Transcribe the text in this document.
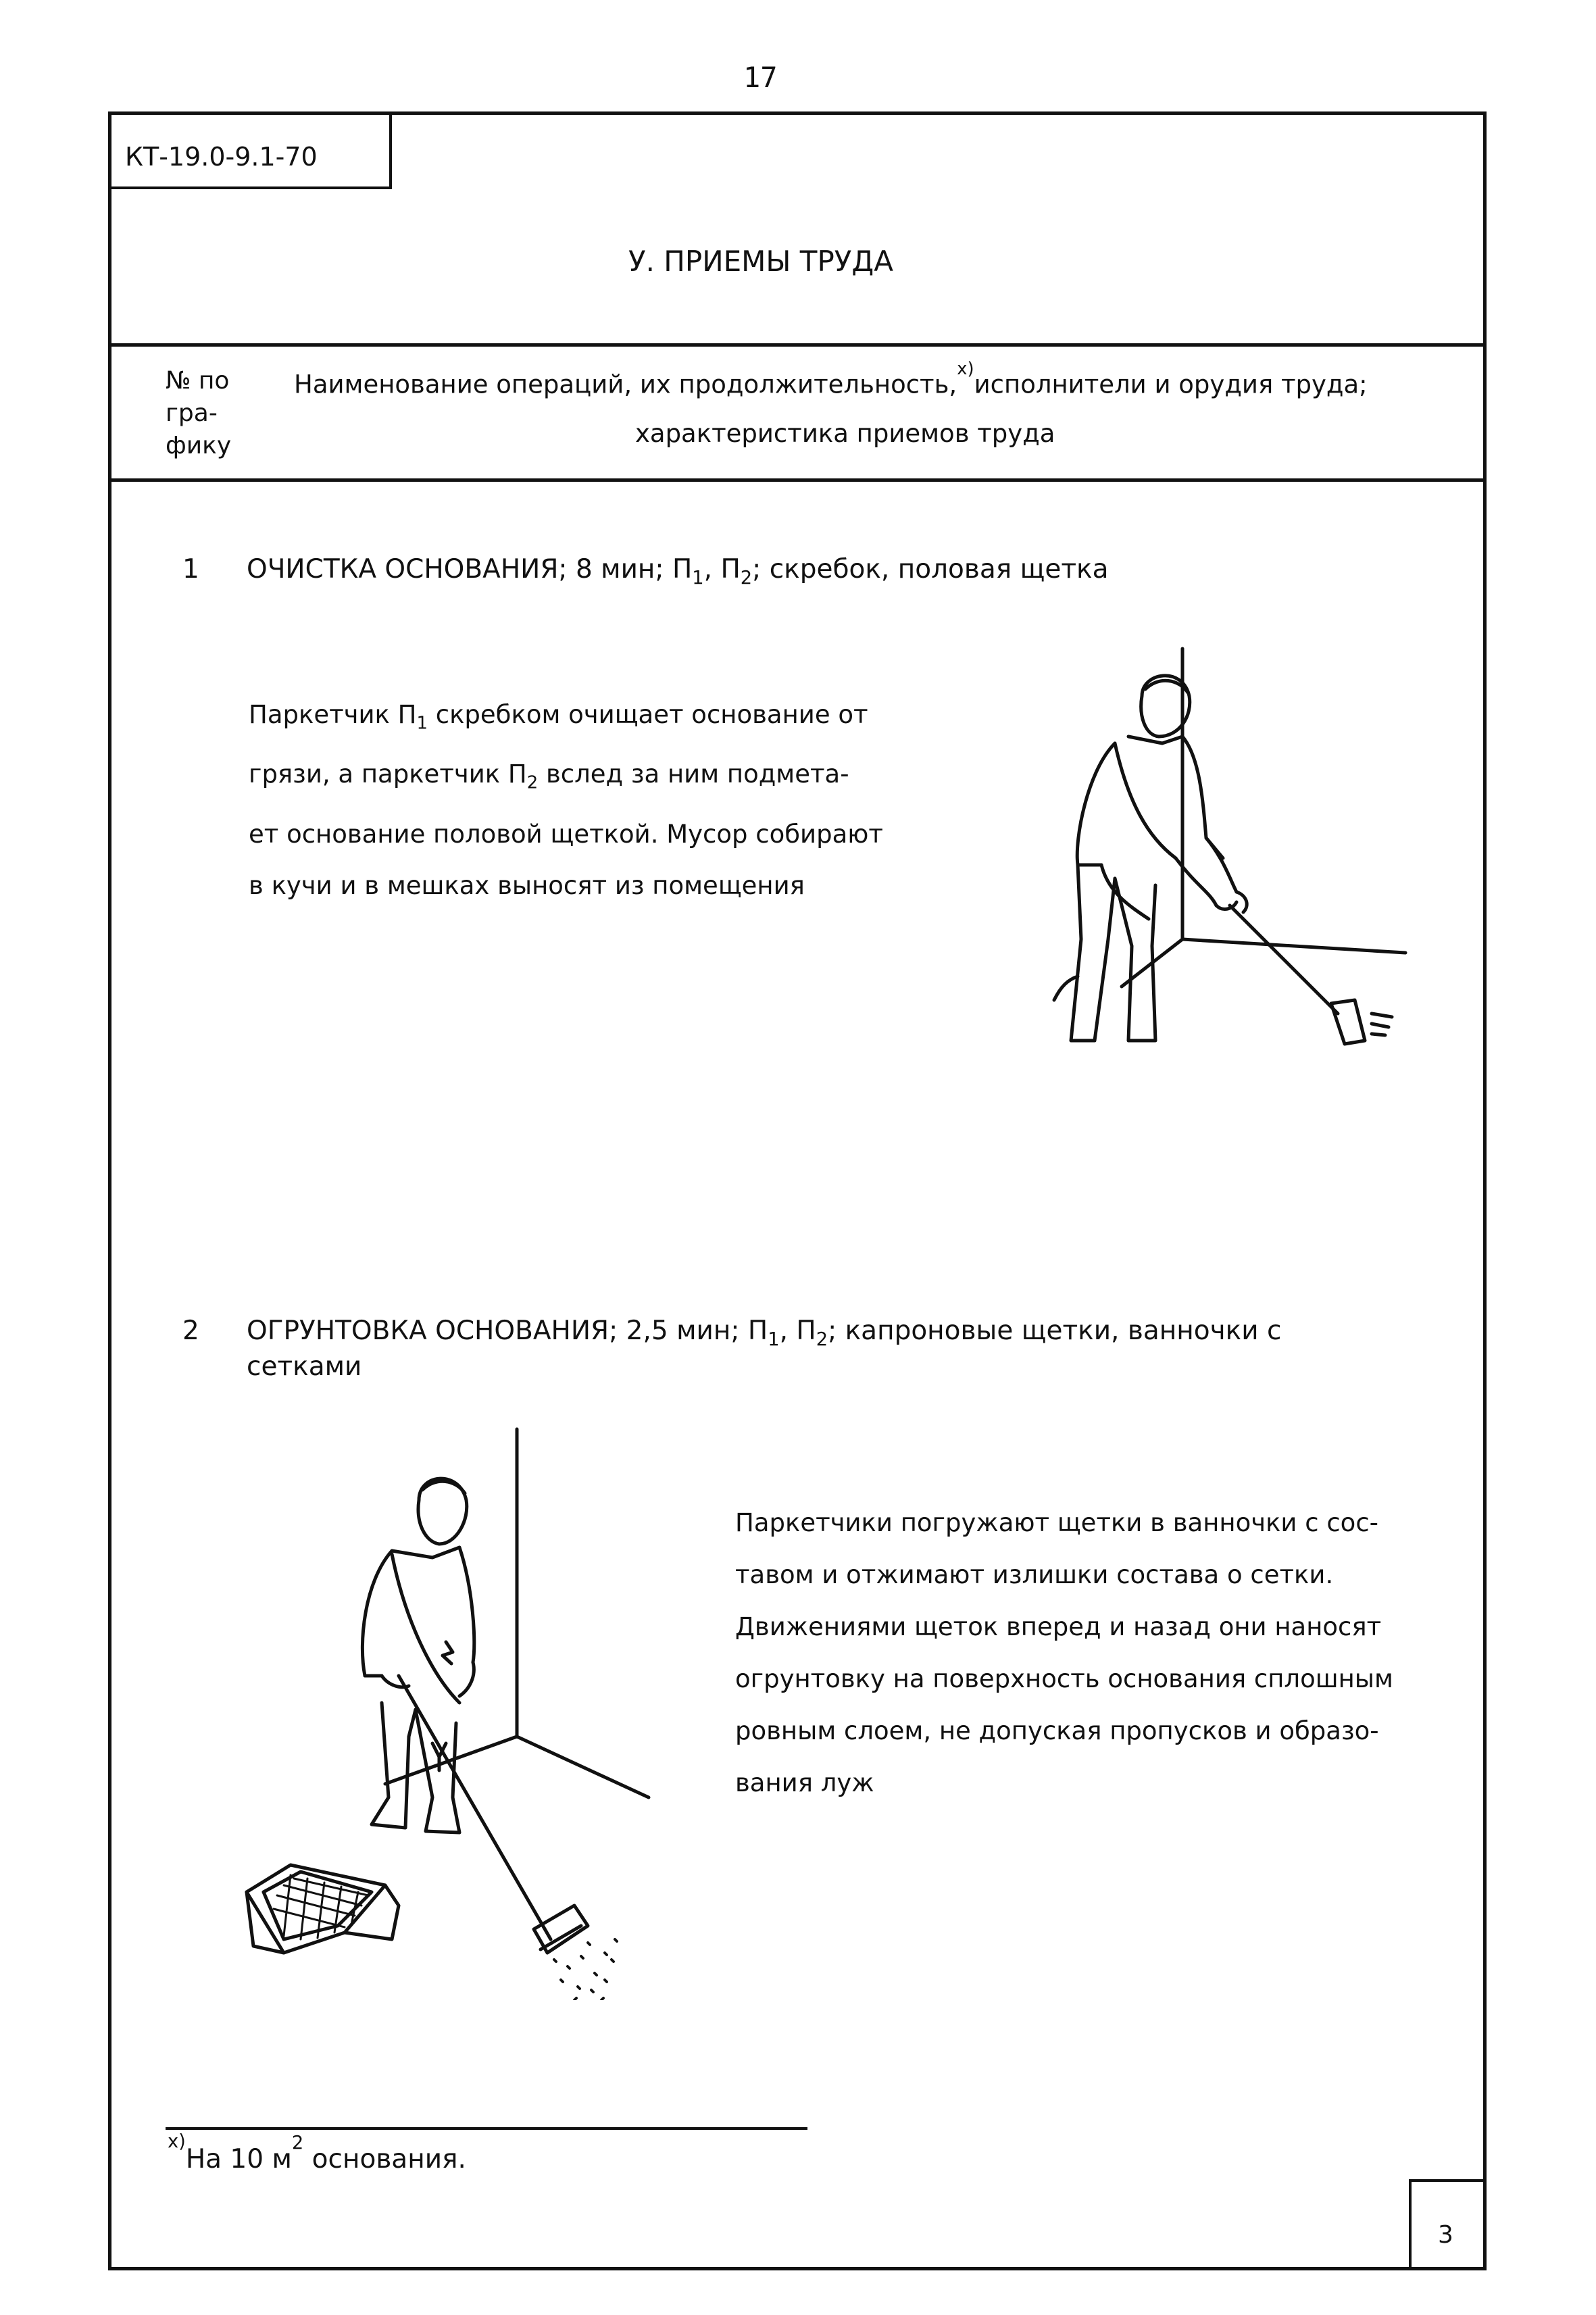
17
КТ-19.0-9.1-70
У. ПРИЕМЫ ТРУДА
№ по
гра-
фику
Наименование операций, их продолжительность,$^{х)}$исполнители и орудия труда;
характеристика приемов труда
1 ОЧИСТКА ОСНОВАНИЯ; 8 мин; $П_1$, $П_2$; скребок, половая щетка
Паркетчик $П_1$ скребком очищает основание от
грязи, а паркетчик $П_2$ вслед за ним подмета-
ет основание половой щеткой. Мусор собирают
в кучи и в мешках выносят из помещения
2 ОГРУНТОВКА ОСНОВАНИЯ; 2,5 мин; $П_1$, $П_2$; капроновые щетки, ванночки с
сетками
Паркетчики погружают щетки в ванночки с сос-
тавом и отжимают излишки состава о сетки.
Движениями щеток вперед и назад они наносят
огрунтовку на поверхность основания сплошным
ровным слоем, не допуская пропусков и образо-
вания луж
$^{х)}$На 10 $м^2$ основания.
3
